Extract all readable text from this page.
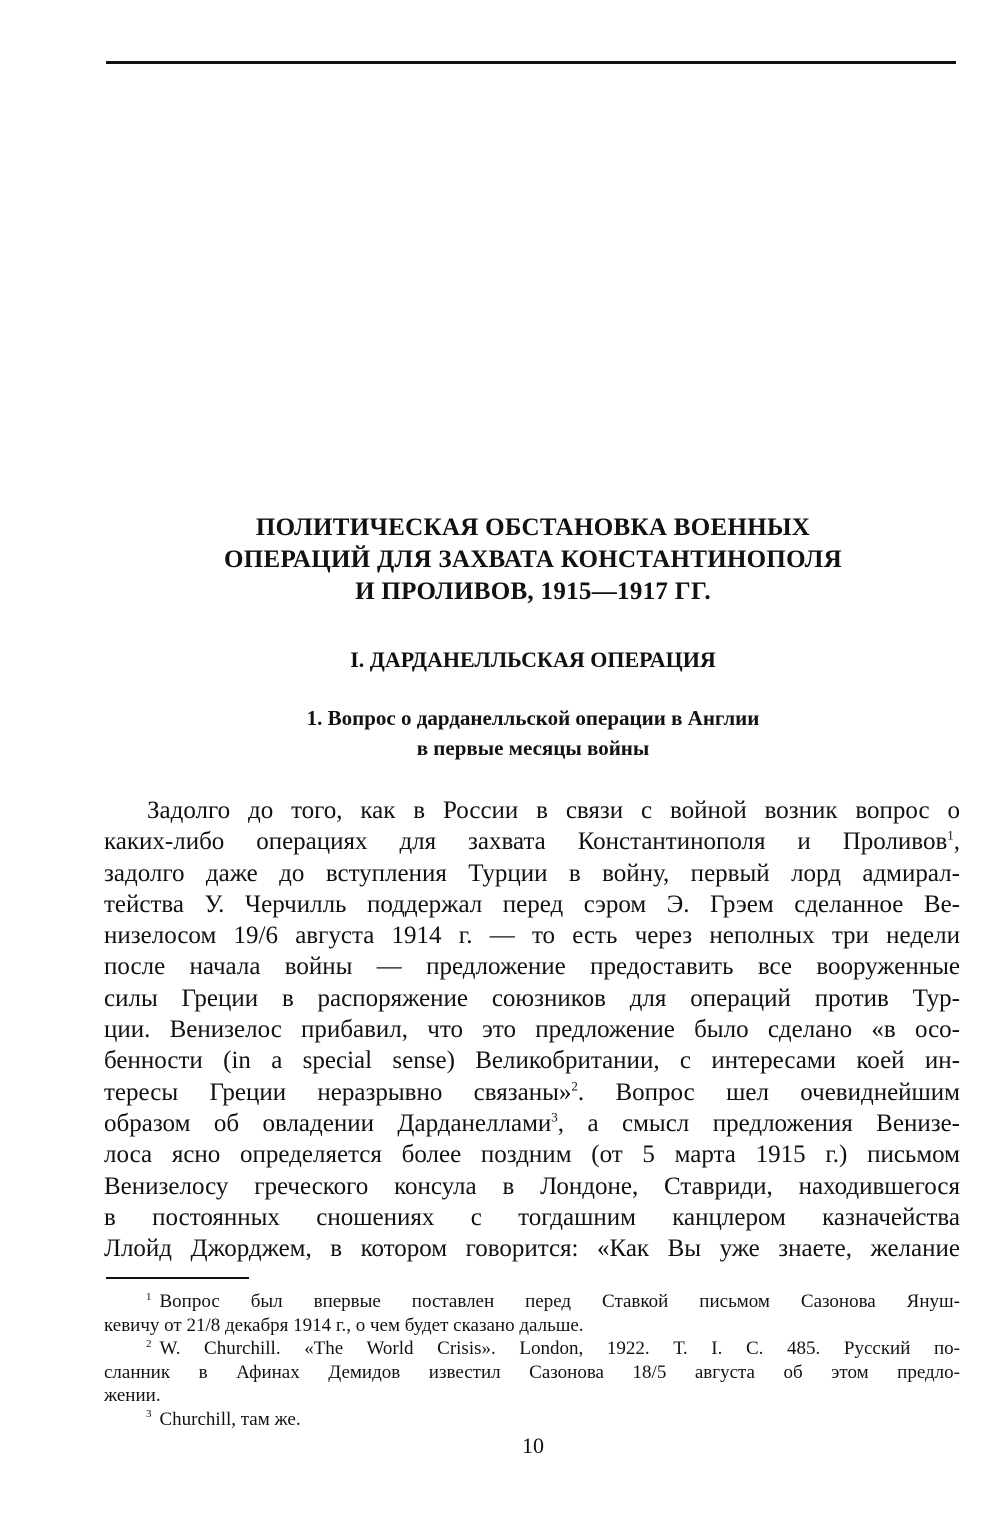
ПОЛИТИЧЕСКАЯ ОБСТАНОВКА ВОЕННЫХ
ОПЕРАЦИЙ ДЛЯ ЗАХВАТА КОНСТАНТИНОПОЛЯ
И ПРОЛИВОВ, 1915—1917 ГГ.
I. ДАРДАНЕЛЛЬСКАЯ ОПЕРАЦИЯ
1. Вопрос о дарданелльской операции в Англии
в первые месяцы войны
Задолго до того, как в России в связи с войной возник вопрос о
каких-либо операциях для захвата Константинополя и Проливов$^1$,
задолго даже до вступления Турции в войну, первый лорд адмирал-
тейства У. Черчилль поддержал перед сэром Э. Грэем сделанное Ве-
низелосом 19/6 августа 1914 г. — то есть через неполных три недели
после начала войны — предложение предоставить все вооруженные
силы Греции в распоряжение союзников для операций против Тур-
ции. Венизелос прибавил, что это предложение было сделано «в осо-
бенности (in a special sense) Великобритании, с интересами коей ин-
тересы Греции неразрывно связаны»$^2$. Вопрос шел очевиднейшим
образом об овладении Дарданеллами$^3$, а смысл предложения Венизе-
лоса ясно определяется более поздним (от 5 марта 1915 г.) письмом
Венизелосу греческого консула в Лондоне, Ставриди, находившегося
в постоянных сношениях с тогдашним канцлером казначейства
Ллойд Джорджем, в котором говорится: «Как Вы уже знаете, желание
$^1$ Вопрос был впервые поставлен перед Ставкой письмом Сазонова Януш-
кевичу от 21/8 декабря 1914 г., о чем будет сказано дальше.
$^2$ W. Churchill. «The World Crisis». London, 1922. Т. I. С. 485. Русский по-
сланник в Афинах Демидов известил Сазонова 18/5 августа об этом предло-
жении.
$^3$ Churchill, там же.
10
